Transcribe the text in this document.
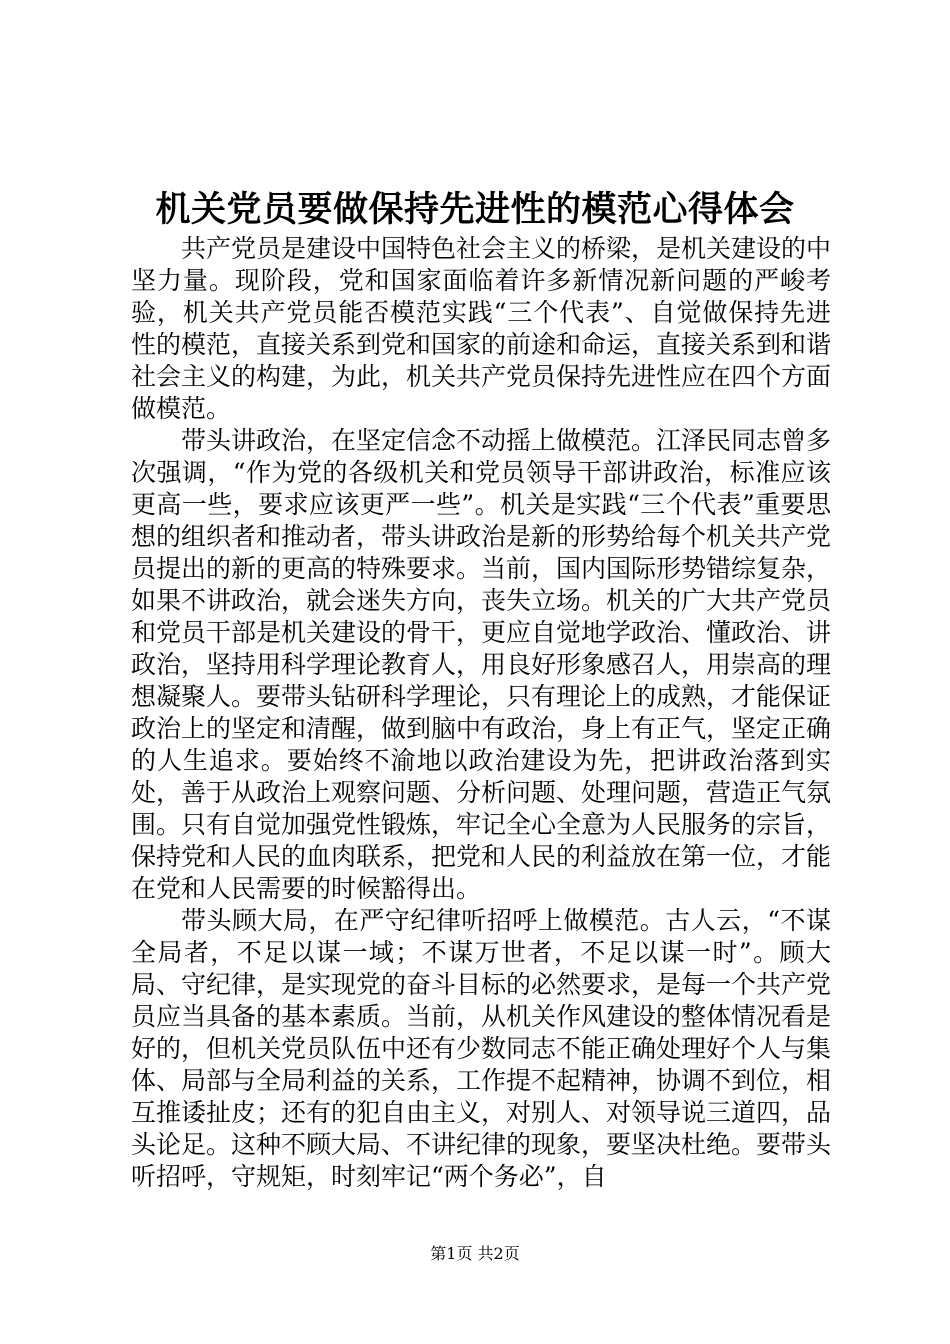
机关党员要做保持先进性的模范心得体会

共产党员是建设中国特色社会主义的桥梁，是机关建设的中坚力量。现阶段，党和国家面临着许多新情况新问题的严峻考验，机关共产党员能否模范实践“三个代表”、自觉做保持先进性的模范，直接关系到党和国家的前途和命运，直接关系到和谐社会主义的构建，为此，机关共产党员保持先进性应在四个方面做模范。

带头讲政治，在坚定信念不动摇上做模范。江泽民同志曾多次强调，“作为党的各级机关和党员领导干部讲政治，标准应该更高一些，要求应该更严一些”。机关是实践“三个代表”重要思想的组织者和推动者，带头讲政治是新的形势给每个机关共产党员提出的新的更高的特殊要求。当前，国内国际形势错综复杂，如果不讲政治，就会迷失方向，丧失立场。机关的广大共产党员和党员干部是机关建设的骨干，更应自觉地学政治、懂政治、讲政治，坚持用科学理论教育人，用良好形象感召人，用崇高的理想凝聚人。要带头钻研科学理论，只有理论上的成熟，才能保证政治上的坚定和清醒，做到脑中有政治，身上有正气，坚定正确的人生追求。要始终不渝地以政治建设为先，把讲政治落到实处，善于从政治上观察问题、分析问题、处理问题，营造正气氛围。只有自觉加强党性锻炼，牢记全心全意为人民服务的宗旨，保持党和人民的血肉联系，把党和人民的利益放在第一位，才能在党和人民需要的时候豁得出。

带头顾大局，在严守纪律听招呼上做模范。古人云，“不谋全局者，不足以谋一域；不谋万世者，不足以谋一时”。顾大局、守纪律，是实现党的奋斗目标的必然要求，是每一个共产党员应当具备的基本素质。当前，从机关作风建设的整体情况看是好的，但机关党员队伍中还有少数同志不能正确处理好个人与集体、局部与全局利益的关系，工作提不起精神，协调不到位，相互推诿扯皮；还有的犯自由主义，对别人、对领导说三道四，品头论足。这种不顾大局、不讲纪律的现象，要坚决杜绝。要带头听招呼，守规矩，时刻牢记“两个务必”，自

第1页 共2页
